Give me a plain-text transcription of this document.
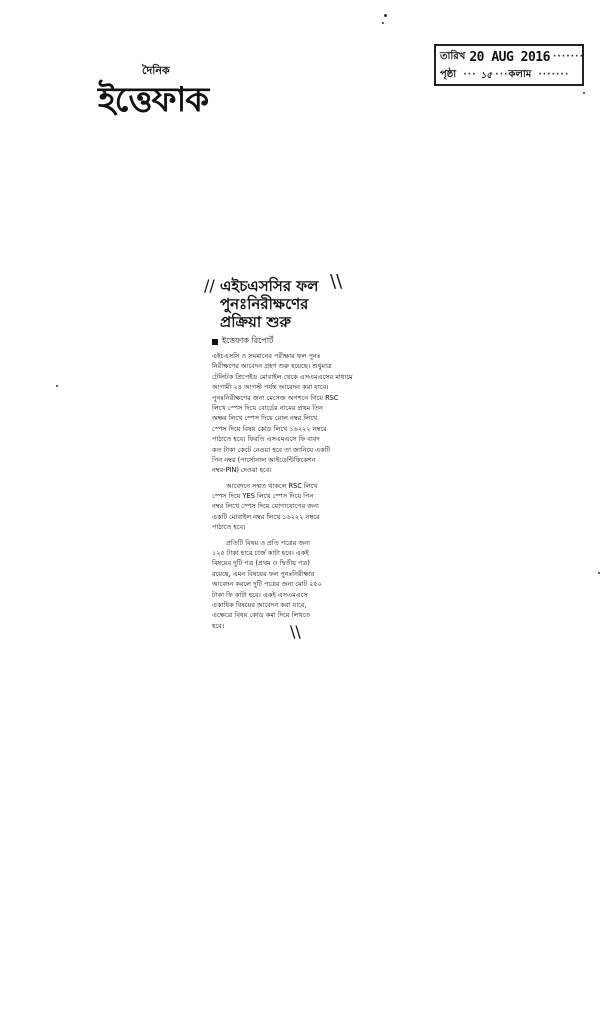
দৈনিক
ইত্তেফাক
তারিখ 20 AUG 2016 ·······
পৃষ্ঠা ··· ১৫ ··· কলাম ·······
//	\\
এইচএসসির ফল
পুনঃনিরীক্ষণের
প্রক্রিয়া শুরু
ইত্তেফাক রিপোর্ট
এইচএসসি ও সমমানের পরীক্ষার ফল পুনঃ
নিরীক্ষণের আবেদন গ্রহণ শুরু হয়েছে। শুধুমাত্র
টেলিটক প্রিপেইড মোবাইল থেকে এসএমএসের মাধ্যমে
আগামী ২৪ আগস্ট পর্যন্ত আবেদন করা যাবে।
পুনঃনিরীক্ষণের জন্য মেসেজ অপশনে গিয়ে RSC
লিখে স্পেস দিয়ে বোর্ডের নামের প্রথম তিন
অক্ষর লিখে স্পেস দিয়ে রোল নম্বর লিখে
স্পেস দিয়ে বিষয় কোড লিখে ১৬২২২ নম্বরে
পাঠাতে হবে। ফিরতি এসএমএসে ফি বাবদ
কত টাকা কেটে নেওয়া হবে তা জানিয়ে একটি
পিন নম্বর (পার্সোনাল আইডেন্টিফিকেশন
নম্বর-PIN) দেওয়া হবে।
আবেদনে সম্মত থাকলে RSC লিখে
স্পেস দিয়ে YES লিখে স্পেস দিয়ে পিন
নম্বর লিখে স্পেস দিয়ে যোগাযোগের জন্য
একটি মোবাইল নম্বর লিখে ১৬২২২ নম্বরে
পাঠাতে হবে।
প্রতিটি বিষয় ও প্রতি পত্রের জন্য
১২৫ টাকা হারে চার্জ কাটা হবে। একই
বিষয়ের দুটি পত্র (প্রথম ও দ্বিতীয় পত্র)
রয়েছে, এমন বিষয়ের ফল পুনঃনিরীক্ষার
আবেদন করলে দুটি পত্রের জন্য মোট ২৫০
টাকা ফি কাটা হবে। একই এসএমএসে
একাধিক বিষয়ের আবেদন করা যাবে,
এক্ষেত্রে বিষয় কোড কমা দিয়ে লিখতে
হবে।	\\
